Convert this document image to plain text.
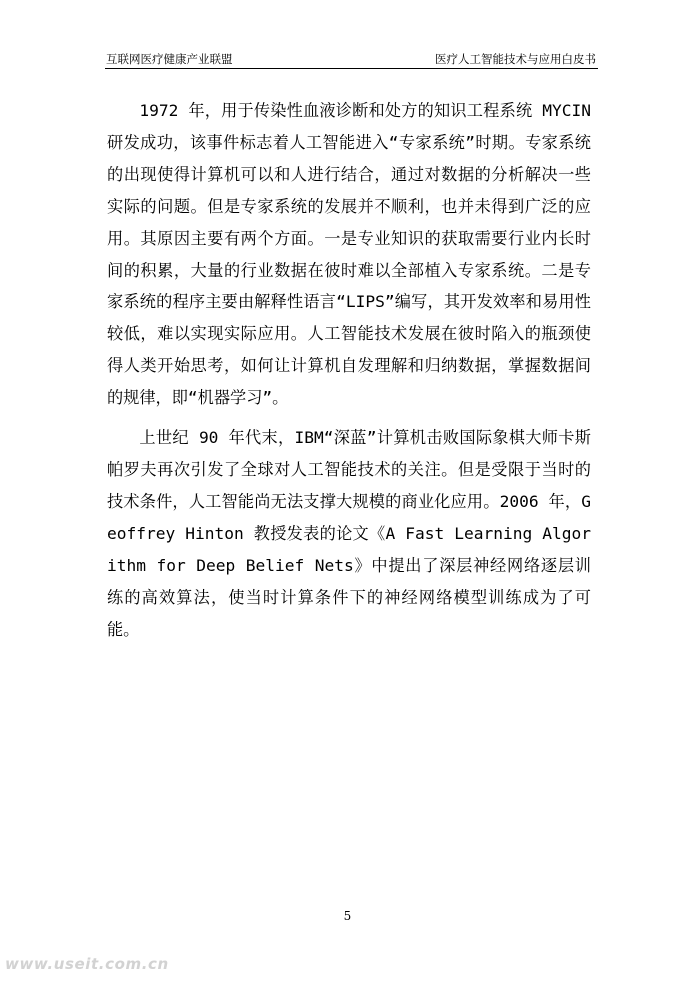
互联网医疗健康产业联盟	医疗人工智能技术与应用白皮书

1972 年，用于传染性血液诊断和处方的知识工程系统 MYCIN 研发成功，该事件标志着人工智能进入“专家系统”时期。专家系统的出现使得计算机可以和人进行结合，通过对数据的分析解决一些实际的问题。但是专家系统的发展并不顺利，也并未得到广泛的应用。其原因主要有两个方面。一是专业知识的获取需要行业内长时间的积累，大量的行业数据在彼时难以全部植入专家系统。二是专家系统的程序主要由解释性语言“LIPS”编写，其开发效率和易用性较低，难以实现实际应用。人工智能技术发展在彼时陷入的瓶颈使得人类开始思考，如何让计算机自发理解和归纳数据，掌握数据间的规律，即“机器学习”。

上世纪 90 年代末，IBM“深蓝”计算机击败国际象棋大师卡斯帕罗夫再次引发了全球对人工智能技术的关注。但是受限于当时的技术条件，人工智能尚无法支撑大规模的商业化应用。2006 年，Geoffrey Hinton 教授发表的论文《A Fast Learning Algorithm for Deep Belief Nets》中提出了深层神经网络逐层训练的高效算法，使当时计算条件下的神经网络模型训练成为了可能。

5
www.useit.com.cn
